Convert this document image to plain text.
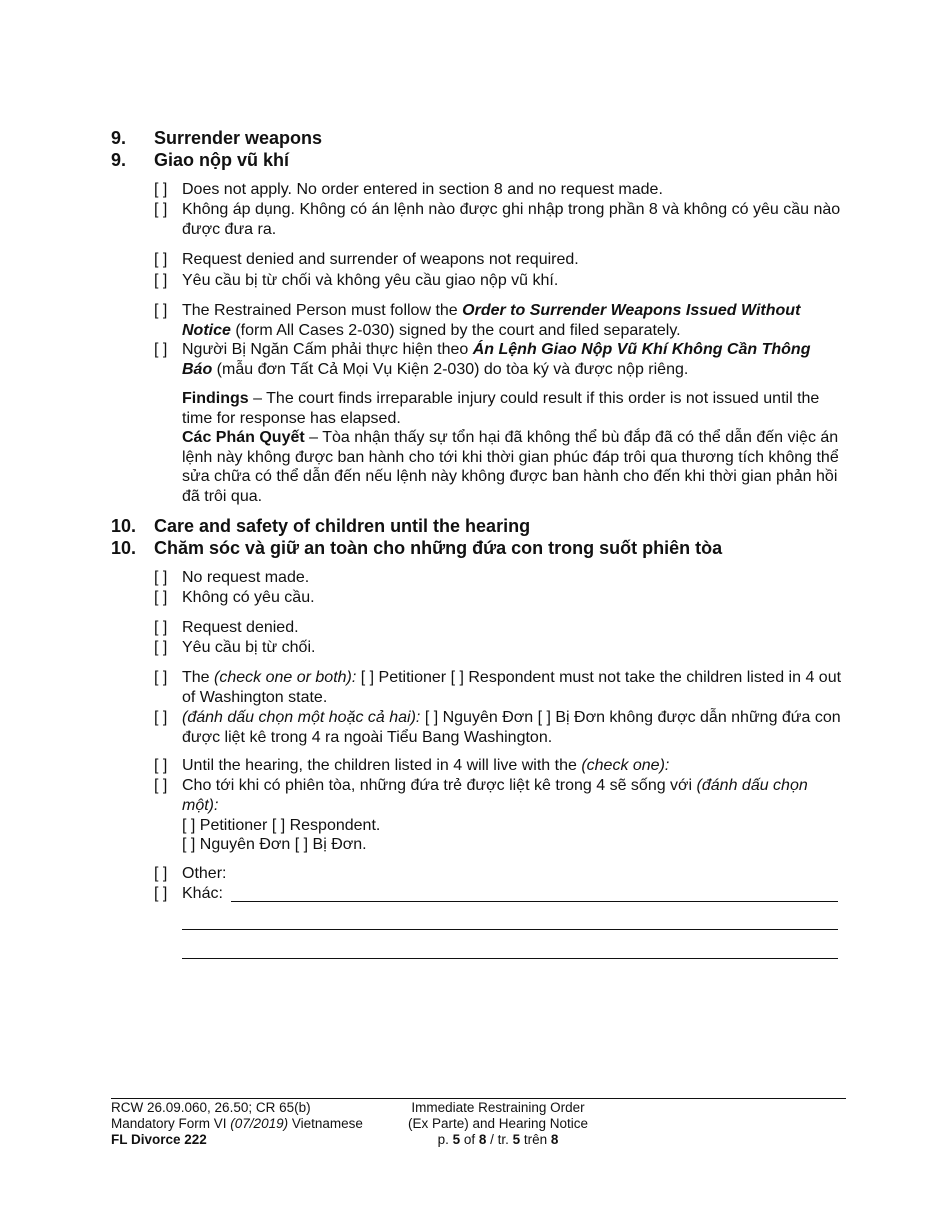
9. Surrender weapons
9. Giao nộp vũ khí
[ ] Does not apply. No order entered in section 8 and no request made.
[ ] Không áp dụng. Không có án lệnh nào được ghi nhập trong phần 8 và không có yêu cầu nào được đưa ra.
[ ] Request denied and surrender of weapons not required.
[ ] Yêu cầu bị từ chối và không yêu cầu giao nộp vũ khí.
[ ] The Restrained Person must follow the Order to Surrender Weapons Issued Without Notice (form All Cases 2-030) signed by the court and filed separately.
[ ] Người Bị Ngăn Cấm phải thực hiện theo Án Lệnh Giao Nộp Vũ Khí Không Cần Thông Báo (mẫu đơn Tất Cả Mọi Vụ Kiện 2-030) do tòa ký và được nộp riêng.
Findings – The court finds irreparable injury could result if this order is not issued until the time for response has elapsed.
Các Phán Quyết – Tòa nhận thấy sự tổn hại đã không thể bù đắp đã có thể dẫn đến việc án lệnh này không được ban hành cho tới khi thời gian phúc đáp trôi qua thương tích không thể sửa chữa có thể dẫn đến nếu lệnh này không được ban hành cho đến khi thời gian phản hồi đã trôi qua.
10. Care and safety of children until the hearing
10. Chăm sóc và giữ an toàn cho những đứa con trong suốt phiên tòa
[ ] No request made.
[ ] Không có yêu cầu.
[ ] Request denied.
[ ] Yêu cầu bị từ chối.
[ ] The (check one or both): [ ] Petitioner [ ] Respondent must not take the children listed in 4 out of Washington state.
[ ] (đánh dấu chọn một hoặc cả hai): [ ] Nguyên Đơn [ ] Bị Đơn không được dẫn những đứa con được liệt kê trong 4 ra ngoài Tiểu Bang Washington.
[ ] Until the hearing, the children listed in 4 will live with the (check one):
[ ] Cho tới khi có phiên tòa, những đứa trẻ được liệt kê trong 4 sẽ sống với (đánh dấu chọn một):
[ ] Petitioner [ ] Respondent.
[ ] Nguyên Đơn [ ] Bị Đơn.
[ ] Other:
[ ] Khác:
RCW 26.09.060, 26.50; CR 65(b)
Mandatory Form VI (07/2019) Vietnamese
FL Divorce 222
Immediate Restraining Order
(Ex Parte) and Hearing Notice
p. 5 of 8 / tr. 5 trên 8
